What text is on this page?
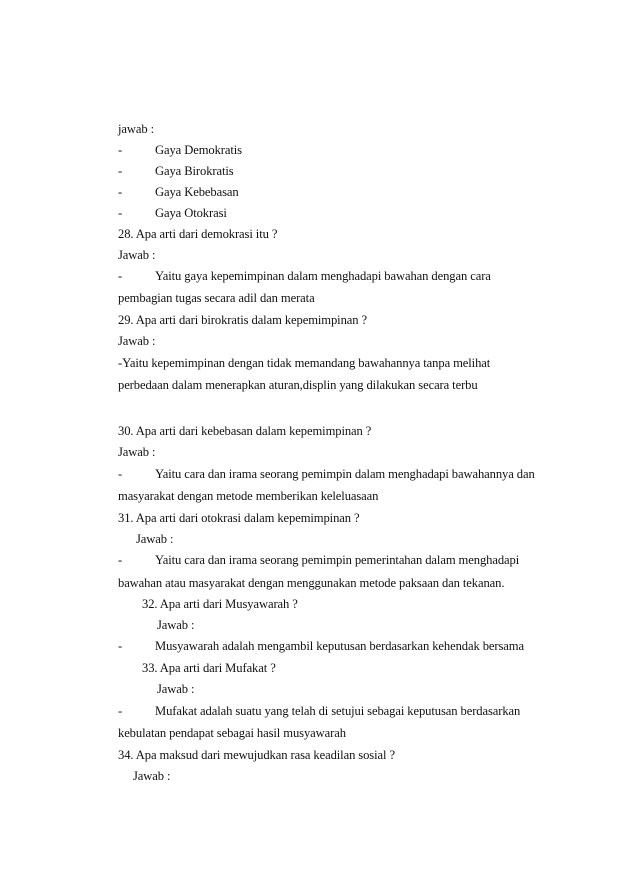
jawab :
-	Gaya Demokratis
-	Gaya Birokratis
-	Gaya Kebebasan
-	Gaya Otokrasi
28. Apa arti dari demokrasi itu ?
Jawab :
-	Yaitu gaya kepemimpinan dalam menghadapi bawahan dengan cara
pembagian tugas secara adil dan merata
29. Apa arti dari birokratis dalam kepemimpinan ?
Jawab :
-Yaitu kepemimpinan dengan tidak memandang bawahannya tanpa melihat
perbedaan dalam menerapkan aturan,displin yang dilakukan secara terbu
30. Apa arti dari kebebasan dalam kepemimpinan ?
Jawab :
-	Yaitu cara dan irama seorang pemimpin dalam menghadapi bawahannya dan
masyarakat dengan metode memberikan keleluasaan
31. Apa arti dari otokrasi dalam kepemimpinan ?
Jawab :
-	Yaitu cara dan irama seorang pemimpin pemerintahan dalam menghadapi
bawahan atau masyarakat dengan menggunakan metode paksaan dan tekanan.
32. Apa arti dari Musyawarah ?
Jawab :
-	Musyawarah adalah mengambil keputusan berdasarkan kehendak bersama
33. Apa arti dari Mufakat ?
Jawab :
-	Mufakat adalah suatu yang telah di setujui sebagai keputusan berdasarkan
kebulatan pendapat sebagai hasil musyawarah
34. Apa maksud dari mewujudkan rasa keadilan sosial ?
Jawab :
